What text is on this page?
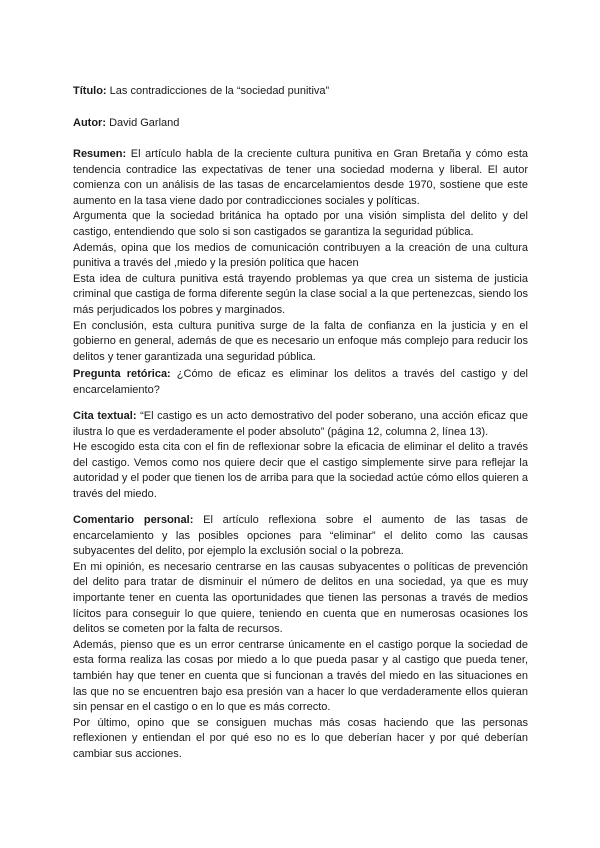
Título: Las contradicciones de la “sociedad punitiva”
Autor: David Garland

Resumen: El artículo habla de la creciente cultura punitiva en Gran Bretaña y cómo esta tendencia contradice las expectativas de tener una sociedad moderna y liberal. El autor comienza con un análisis de las tasas de encarcelamientos desde 1970, sostiene que este aumento en la tasa viene dado por contradicciones sociales y políticas.

Argumenta que la sociedad británica ha optado por una visión simplista del delito y del castigo, entendiendo que solo si son castigados se garantiza la seguridad pública.

Además, opina que los medios de comunicación contribuyen a la creación de una cultura punitiva a través del ,miedo y la presión política que hacen

Esta idea de cultura punitiva está trayendo problemas ya que crea un sistema de justicia criminal que castiga de forma diferente según la clase social a la que pertenezcas, siendo los más perjudicados los pobres y marginados.

En conclusión, esta cultura punitiva surge de la falta de confianza en la justicia y en el gobierno en general, además de que es necesario un enfoque más complejo para reducir los delitos y tener garantizada una seguridad pública.

Pregunta retórica: ¿Cómo de eficaz es eliminar los delitos a través del castigo y del encarcelamiento?

Cita textual: “El castigo es un acto demostrativo del poder soberano, una acción eficaz que ilustra lo que es verdaderamente el poder absoluto” (página 12, columna 2, línea 13).

He escogido esta cita con el fin de reflexionar sobre la eficacia de eliminar el delito a través del castigo. Vemos como nos quiere decir que el castigo simplemente sirve para reflejar la autoridad y el poder que tienen los de arriba para que la sociedad actúe cómo ellos quieren a través del miedo.

Comentario personal: El artículo reflexiona sobre el aumento de las tasas de encarcelamiento y las posibles opciones para “eliminar” el delito como las causas subyacentes del delito, por ejemplo la exclusión social o la pobreza.

En mi opinión, es necesario centrarse en las causas subyacentes o políticas de prevención del delito para tratar de disminuir el número de delitos en una sociedad, ya que es muy importante tener en cuenta las oportunidades que tienen las personas a través de medios lícitos para conseguir lo que quiere, teniendo en cuenta que en numerosas ocasiones los delitos se cometen por la falta de recursos.

Además, pienso que es un error centrarse únicamente en el castigo porque la sociedad de esta forma realiza las cosas por miedo a lo que pueda pasar y al castigo que pueda tener, también hay que tener en cuenta que si funcionan a través del miedo en las situaciones en las que no se encuentren bajo esa presión van a hacer lo que verdaderamente ellos quieran sin pensar en el castigo o en lo que es más correcto.

Por último, opino que se consiguen muchas más cosas haciendo que las personas reflexionen y entiendan el por qué eso no es lo que deberían hacer y por qué deberían cambiar sus acciones.
